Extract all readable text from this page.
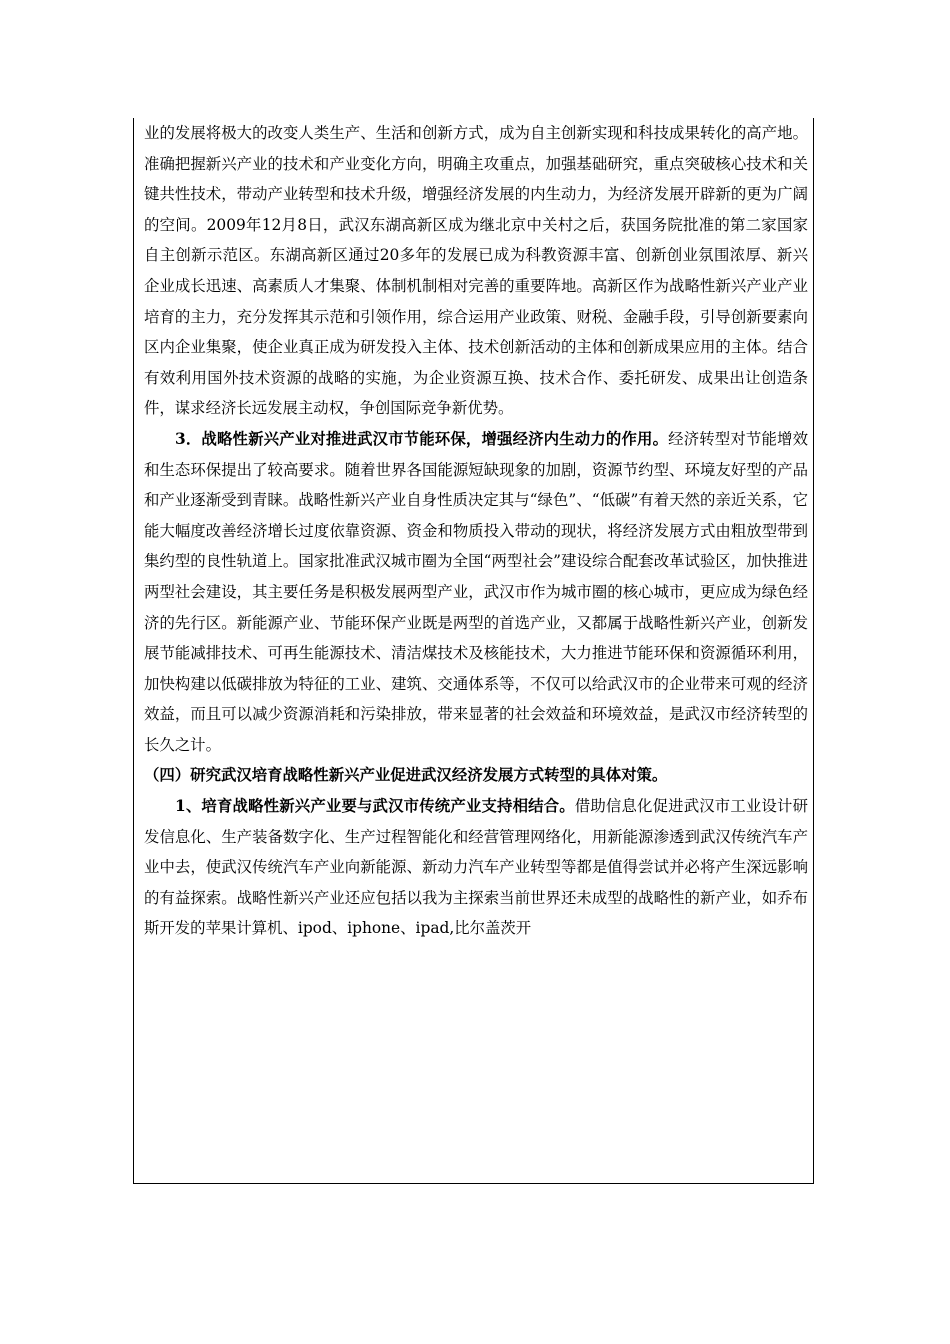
业的发展将极大的改变人类生产、生活和创新方式，成为自主创新实现和科技成果转化的高产地。准确把握新兴产业的技术和产业变化方向，明确主攻重点，加强基础研究，重点突破核心技术和关键共性技术，带动产业转型和技术升级，增强经济发展的内生动力，为经济发展开辟新的更为广阔的空间。2009年12月8日，武汉东湖高新区成为继北京中关村之后，获国务院批准的第二家国家自主创新示范区。东湖高新区通过20多年的发展已成为科教资源丰富、创新创业氛围浓厚、新兴企业成长迅速、高素质人才集聚、体制机制相对完善的重要阵地。高新区作为战略性新兴产业产业培育的主力，充分发挥其示范和引领作用，综合运用产业政策、财税、金融手段，引导创新要素向区内企业集聚，使企业真正成为研发投入主体、技术创新活动的主体和创新成果应用的主体。结合有效利用国外技术资源的战略的实施，为企业资源互换、技术合作、委托研发、成果出让创造条件，谋求经济长远发展主动权，争创国际竞争新优势。

3．战略性新兴产业对推进武汉市节能环保，增强经济内生动力的作用。经济转型对节能增效和生态环保提出了较高要求。随着世界各国能源短缺现象的加剧，资源节约型、环境友好型的产品和产业逐渐受到青睐。战略性新兴产业自身性质决定其与“绿色”、“低碳”有着天然的亲近关系，它能大幅度改善经济增长过度依靠资源、资金和物质投入带动的现状，将经济发展方式由粗放型带到集约型的良性轨道上。国家批准武汉城市圈为全国“两型社会”建设综合配套改革试验区，加快推进两型社会建设，其主要任务是积极发展两型产业，武汉市作为城市圈的核心城市，更应成为绿色经济的先行区。新能源产业、节能环保产业既是两型的首选产业，又都属于战略性新兴产业，创新发展节能减排技术、可再生能源技术、清洁煤技术及核能技术，大力推进节能环保和资源循环利用，加快构建以低碳排放为特征的工业、建筑、交通体系等，不仅可以给武汉市的企业带来可观的经济效益，而且可以减少资源消耗和污染排放，带来显著的社会效益和环境效益，是武汉市经济转型的长久之计。

（四）研究武汉培育战略性新兴产业促进武汉经济发展方式转型的具体对策。

1、培育战略性新兴产业要与武汉市传统产业支持相结合。借助信息化促进武汉市工业设计研发信息化、生产装备数字化、生产过程智能化和经营管理网络化，用新能源渗透到武汉传统汽车产业中去，使武汉传统汽车产业向新能源、新动力汽车产业转型等都是值得尝试并必将产生深远影响的有益探索。战略性新兴产业还应包括以我为主探索当前世界还未成型的战略性的新产业，如乔布斯开发的苹果计算机、ipod、iphone、ipad,比尔盖茨开
